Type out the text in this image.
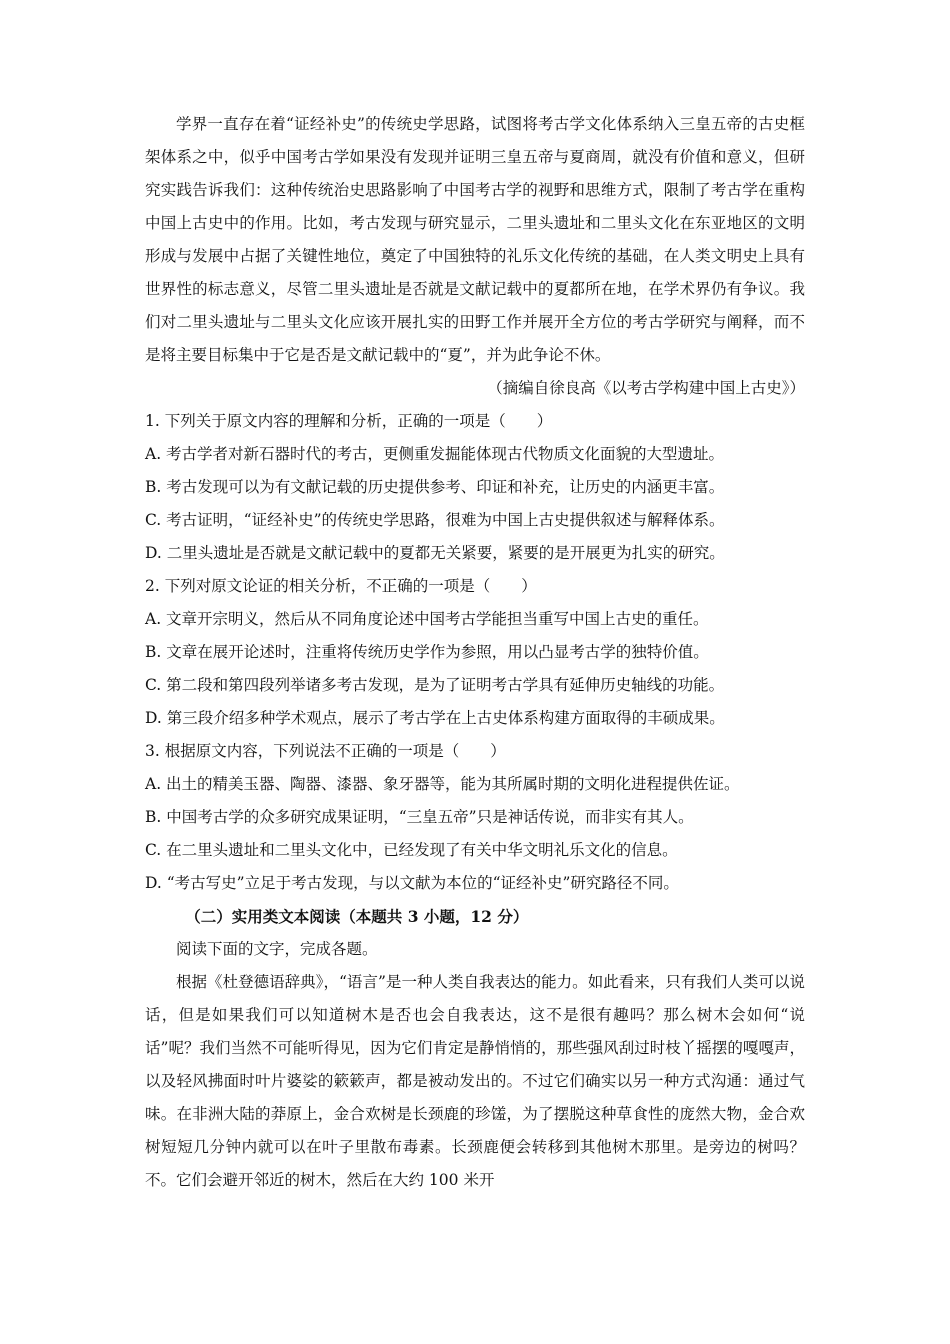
学界一直存在着“证经补史”的传统史学思路，试图将考古学文化体系纳入三皇五帝的古史框架体系之中，似乎中国考古学如果没有发现并证明三皇五帝与夏商周，就没有价值和意义，但研究实践告诉我们：这种传统治史思路影响了中国考古学的视野和思维方式，限制了考古学在重构中国上古史中的作用。比如，考古发现与研究显示，二里头遗址和二里头文化在东亚地区的文明形成与发展中占据了关键性地位，奠定了中国独特的礼乐文化传统的基础，在人类文明史上具有世界性的标志意义，尽管二里头遗址是否就是文献记载中的夏都所在地，在学术界仍有争议。我们对二里头遗址与二里头文化应该开展扎实的田野工作并展开全方位的考古学研究与阐释，而不是将主要目标集中于它是否是文献记载中的“夏”，并为此争论不休。

（摘编自徐良高《以考古学构建中国上古史》）

1. 下列关于原文内容的理解和分析，正确的一项是（　　）

A. 考古学者对新石器时代的考古，更侧重发掘能体现古代物质文化面貌的大型遗址。

B. 考古发现可以为有文献记载的历史提供参考、印证和补充，让历史的内涵更丰富。

C. 考古证明，“证经补史”的传统史学思路，很难为中国上古史提供叙述与解释体系。

D. 二里头遗址是否就是文献记载中的夏都无关紧要，紧要的是开展更为扎实的研究。

2. 下列对原文论证的相关分析，不正确的一项是（　　）

A. 文章开宗明义，然后从不同角度论述中国考古学能担当重写中国上古史的重任。

B. 文章在展开论述时，注重将传统历史学作为参照，用以凸显考古学的独特价值。

C. 第二段和第四段列举诸多考古发现，是为了证明考古学具有延伸历史轴线的功能。

D. 第三段介绍多种学术观点，展示了考古学在上古史体系构建方面取得的丰硕成果。

3. 根据原文内容，下列说法不正确的一项是（　　）

A. 出土的精美玉器、陶器、漆器、象牙器等，能为其所属时期的文明化进程提供佐证。

B. 中国考古学的众多研究成果证明，“三皇五帝”只是神话传说，而非实有其人。

C. 在二里头遗址和二里头文化中，已经发现了有关中华文明礼乐文化的信息。

D. “考古写史”立足于考古发现，与以文献为本位的“证经补史”研究路径不同。

（二）实用类文本阅读（本题共 3 小题，12 分）

阅读下面的文字，完成各题。

根据《杜登德语辞典》，“语言”是一种人类自我表达的能力。如此看来，只有我们人类可以说话，但是如果我们可以知道树木是否也会自我表达，这不是很有趣吗？那么树木会如何“说话”呢？我们当然不可能听得见，因为它们肯定是静悄悄的，那些强风刮过时枝丫摇摆的嘎嘎声，以及轻风拂面时叶片婆娑的簌簌声，都是被动发出的。不过它们确实以另一种方式沟通：通过气味。在非洲大陆的莽原上，金合欢树是长颈鹿的珍馐，为了摆脱这种草食性的庞然大物，金合欢树短短几分钟内就可以在叶子里散布毒素。长颈鹿便会转移到其他树木那里。是旁边的树吗？不。它们会避开邻近的树木，然后在大约 100 米开
